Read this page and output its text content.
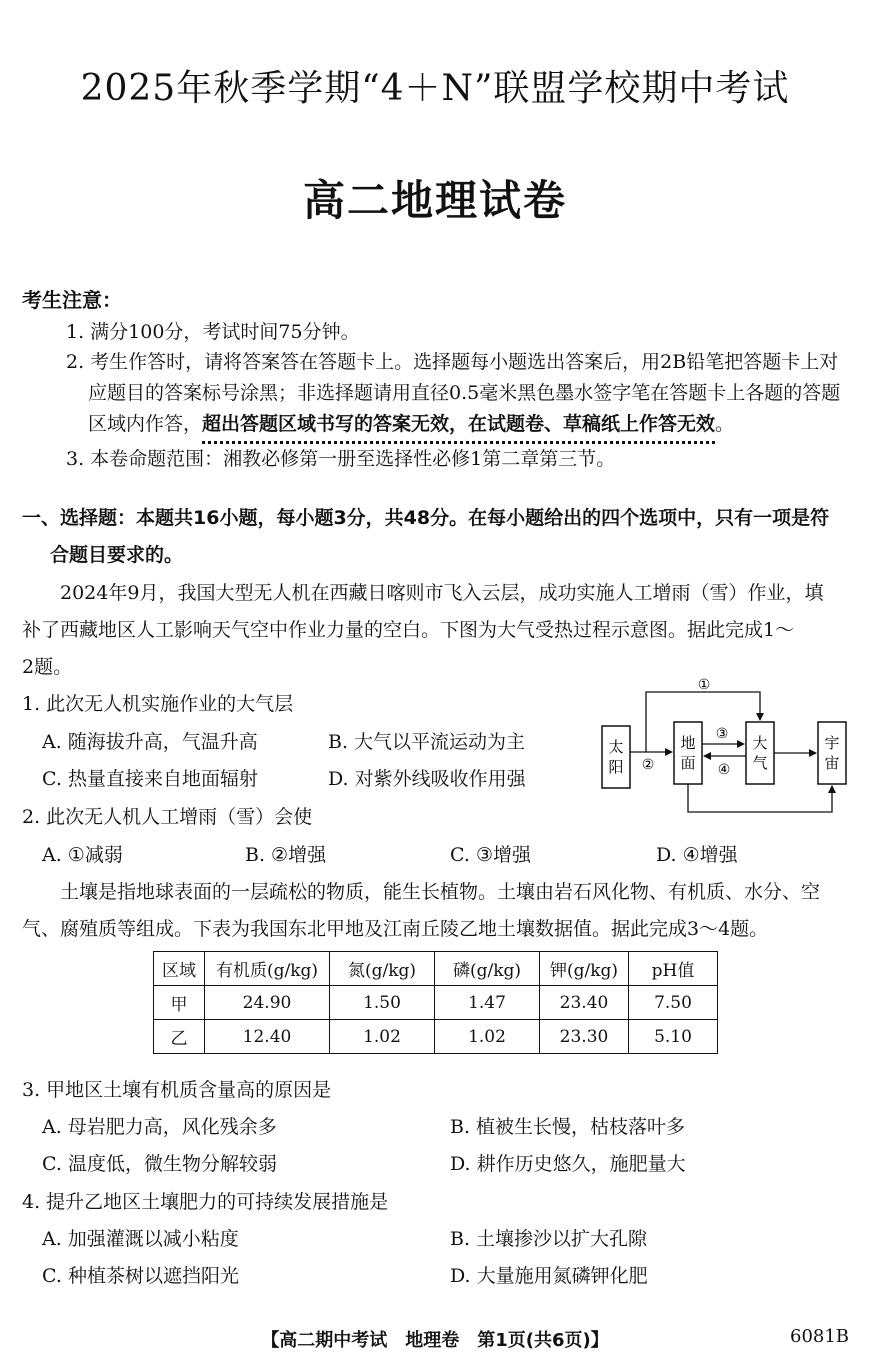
2025年秋季学期“4＋N”联盟学校期中考试
高二地理试卷
考生注意：
1. 满分100分，考试时间75分钟。
2. 考生作答时，请将答案答在答题卡上。选择题每小题选出答案后，用2B铅笔把答题卡上对
应题目的答案标号涂黑；非选择题请用直径0.5毫米黑色墨水签字笔在答题卡上各题的答题
区域内作答，超出答题区域书写的答案无效，在试题卷、草稿纸上作答无效。
3. 本卷命题范围：湘教必修第一册至选择性必修1第二章第三节。
一、选择题：本题共16小题，每小题3分，共48分。在每小题给出的四个选项中，只有一项是符
合题目要求的。
2024年9月，我国大型无人机在西藏日喀则市飞入云层，成功实施人工增雨（雪）作业，填
补了西藏地区人工影响天气空中作业力量的空白。下图为大气受热过程示意图。据此完成1～
2题。
1. 此次无人机实施作业的大气层
A. 随海拔升高，气温升高	B. 大气以平流运动为主
C. 热量直接来自地面辐射	D. 对紫外线吸收作用强
太
阳
地
面
大
气
宇
宙
①
②
③
④
2. 此次无人机人工增雨（雪）会使
A. ①减弱	B. ②增强	C. ③增强	D. ④增强
土壤是指地球表面的一层疏松的物质，能生长植物。土壤由岩石风化物、有机质、水分、空
气、腐殖质等组成。下表为我国东北甲地及江南丘陵乙地土壤数据值。据此完成3～4题。
区域	有机质(g/kg)	氮(g/kg)	磷(g/kg)	钾(g/kg)	pH值
甲	24.90	1.50	1.47	23.40	7.50
乙	12.40	1.02	1.02	23.30	5.10
3. 甲地区土壤有机质含量高的原因是
A. 母岩肥力高，风化残余多	B. 植被生长慢，枯枝落叶多
C. 温度低，微生物分解较弱	D. 耕作历史悠久，施肥量大
4. 提升乙地区土壤肥力的可持续发展措施是
A. 加强灌溉以减小粘度	B. 土壤掺沙以扩大孔隙
C. 种植茶树以遮挡阳光	D. 大量施用氮磷钾化肥
【高二期中考试　地理卷　第1页(共6页)】	6081B
